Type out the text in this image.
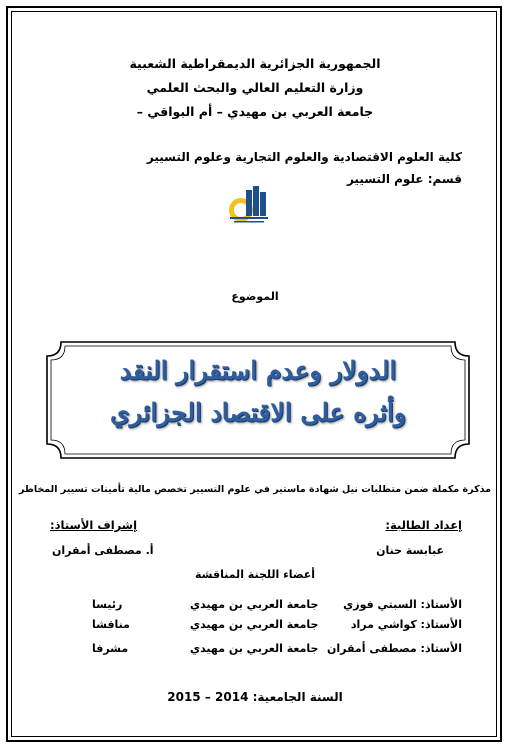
الجمهورية الجزائرية الديمقراطية الشعبية
وزارة التعليم العالي والبحث العلمي
جامعة العربي بن مهيدي – أم البواقي –
كلية العلوم الاقتصادية والعلوم التجارية وعلوم التسيير
قسم: علوم التسيير
الموضوع
الدولار وعدم استقرار النقد
وأثره على الاقتصاد الجزائري
مذكرة مكملة ضمن متطلبات نيل شهادة ماستير في علوم التسيير تخصص مالية تأمينات تسيير المخاطر
إعداد الطالبة:
عبابسة حنان
إشراف الأستاذ:
أ. مصطفى أمقران
أعضاء اللجنة المناقشة
الأستاذ: السبتي فوزي
جامعة العربي بن مهيدي
رئيسا
الأستاذ: كواشي مراد
جامعة العربي بن مهيدي
مناقشا
الأستاذ: مصطفى أمقران
جامعة العربي بن مهيدي
مشرفا
السنة الجامعية: 2014 – 2015
